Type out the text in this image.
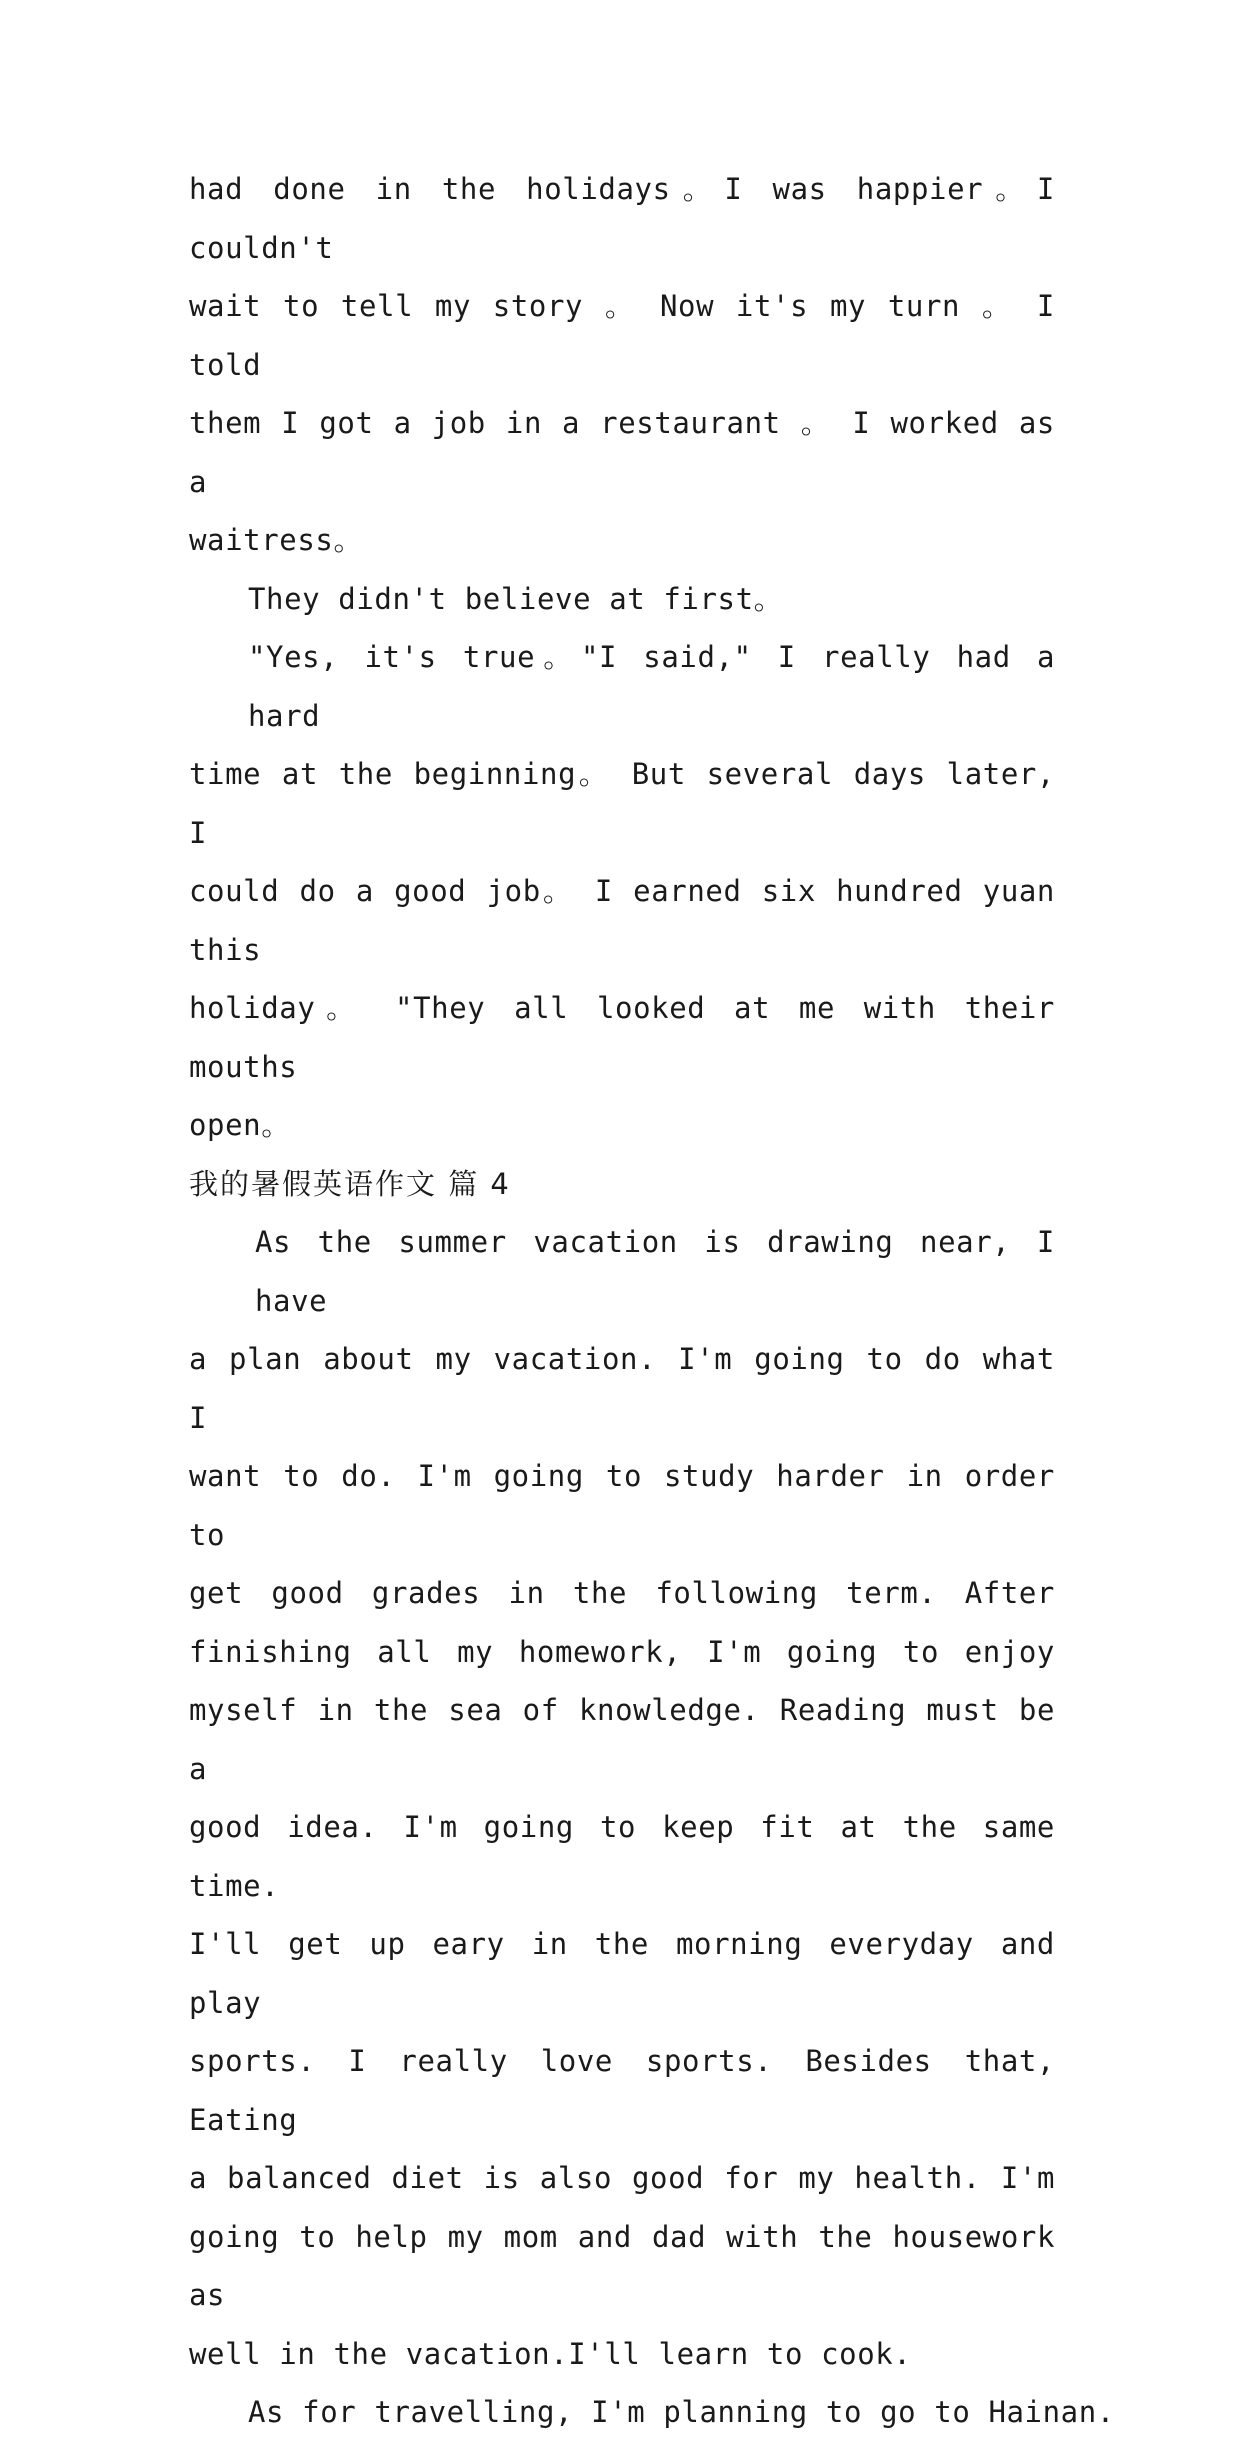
had done in the holidays。I was happier。I couldn't
wait to tell my story 。 Now it's my turn 。 I told
them I got a job in a restaurant 。 I worked as a
waitress。
They didn't believe at first。
"Yes, it's true。"I said," I really had a hard
time at the beginning。 But several days later, I
could do a good job。 I earned six hundred yuan this
holiday。 "They all looked at me with their mouths
open。
我的暑假英语作文 篇 4
As the summer vacation is drawing near, I have
a plan about my vacation. I'm going to do what I
want to do. I'm going to study harder in order to
get good grades in the following term. After
finishing all my homework, I'm going to enjoy
myself in the sea of knowledge. Reading must be a
good idea. I'm going to keep fit at the same time.
I'll get up eary in the morning everyday and play
sports. I really love sports. Besides that, Eating
a balanced diet is also good for my health. I'm
going to help my mom and dad with the housework as
well in the vacation.I'll learn to cook.
As for travelling, I'm planning to go to Hainan.
